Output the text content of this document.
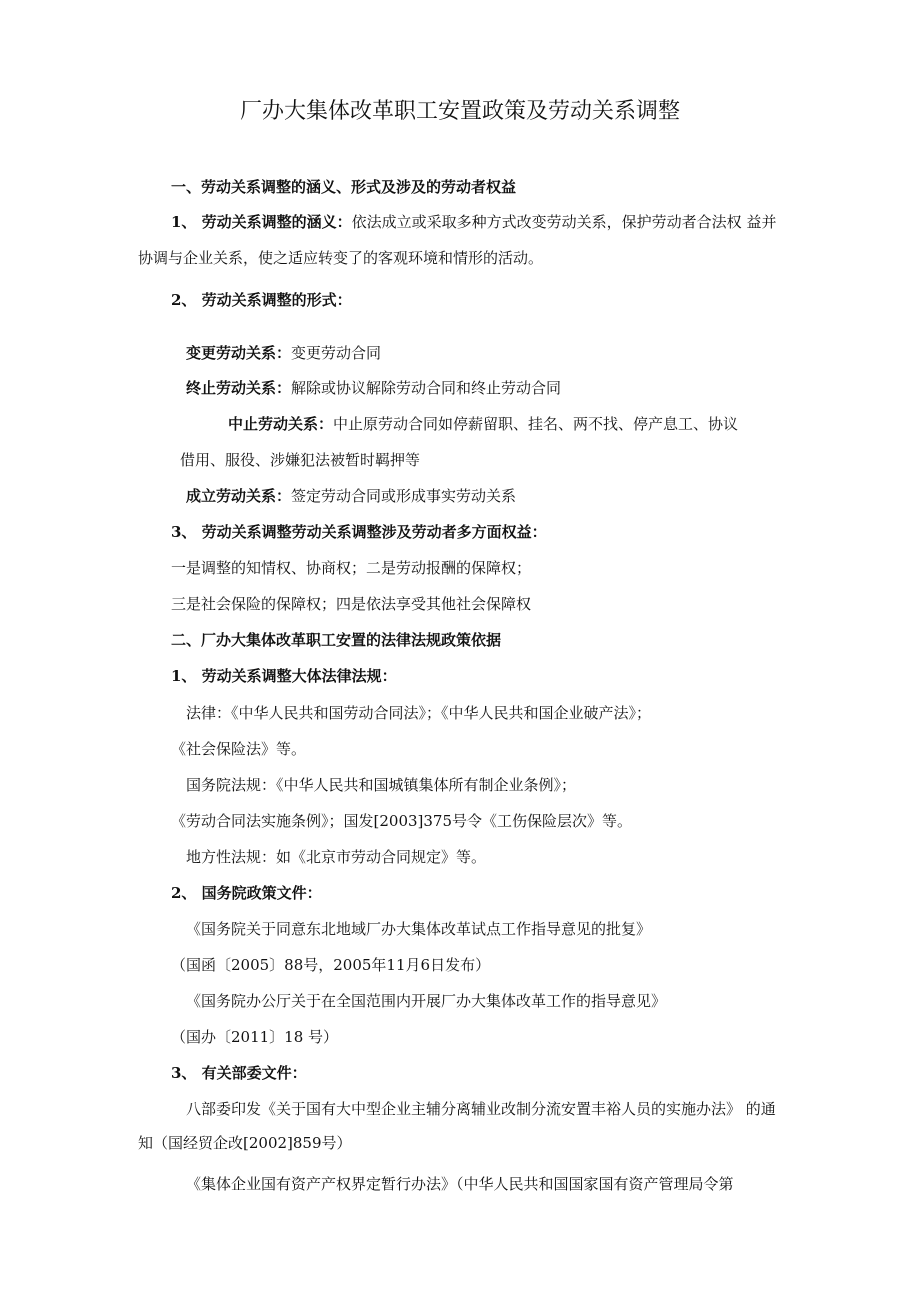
厂办大集体改革职工安置政策及劳动关系调整
一、劳动关系调整的涵义、形式及涉及的劳动者权益
1、 劳动关系调整的涵义：依法成立或采取多种方式改变劳动关系，保护劳动者合法权 益并
协调与企业关系，使之适应转变了的客观环境和情形的活动。
2、 劳动关系调整的形式：
变更劳动关系：变更劳动合同
终止劳动关系：解除或协议解除劳动合同和终止劳动合同
中止劳动关系：中止原劳动合同如停薪留职、挂名、两不找、停产息工、协议
借用、服役、涉嫌犯法被暂时羁押等
成立劳动关系：签定劳动合同或形成事实劳动关系
3、 劳动关系调整劳动关系调整涉及劳动者多方面权益：
一是调整的知情权、协商权；二是劳动报酬的保障权；
三是社会保险的保障权；四是依法享受其他社会保障权
二、厂办大集体改革职工安置的法律法规政策依据
1、 劳动关系调整大体法律法规：
法律：《中华人民共和国劳动合同法》；《中华人民共和国企业破产法》；
《社会保险法》等。
国务院法规：《中华人民共和国城镇集体所有制企业条例》；
《劳动合同法实施条例》；国发[2003]375号令《工伤保险层次》等。
地方性法规：如《北京市劳动合同规定》等。
2、 国务院政策文件：
《国务院关于同意东北地域厂办大集体改革试点工作指导意见的批复》
（国函〔2005〕88号，2005年11月6日发布）
《国务院办公厅关于在全国范围内开展厂办大集体改革工作的指导意见》
（国办〔2011〕18 号）
3、 有关部委文件：
八部委印发《关于国有大中型企业主辅分离辅业改制分流安置丰裕人员的实施办法》 的通
知（国经贸企改[2002]859号）
《集体企业国有资产产权界定暂行办法》（中华人民共和国国家国有资产管理局令第
